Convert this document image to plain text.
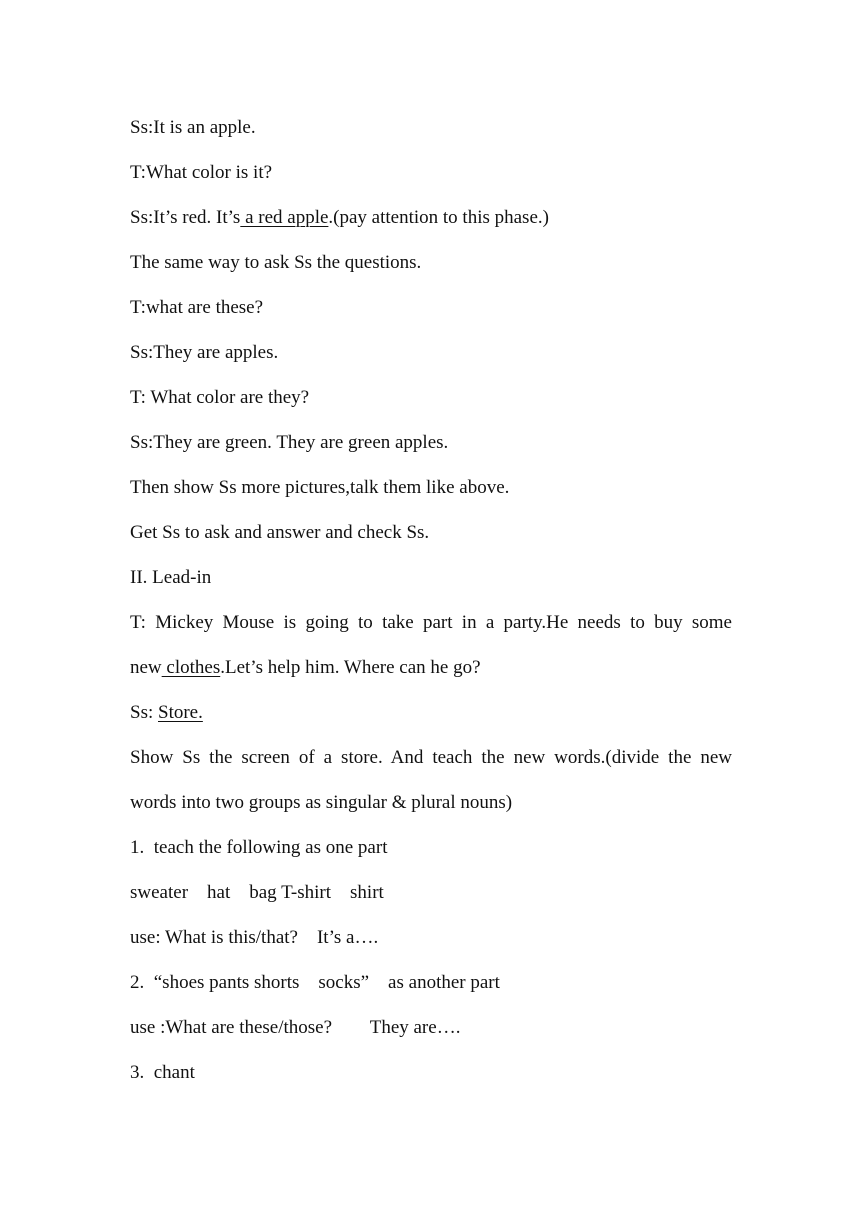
Ss:It is an apple.
T:What color is it?
Ss:It’s red. It’s a red apple.(pay attention to this phase.)
The same way to ask Ss the questions.
T:what are these?
Ss:They are apples.
T: What color are they?
Ss:They are green. They are green apples.
Then show Ss more pictures,talk them like above.
Get Ss to ask and answer and check Ss.
II. Lead-in
T: Mickey Mouse is going to take part in a party.He needs to buy some
new clothes.Let’s help him. Where can he go?
Ss: Store.
Show Ss the screen of a store. And teach the new words.(divide the new
words into two groups as singular & plural nouns)
1.  teach the following as one part
sweater    hat    bag T-shirt    shirt
use: What is this/that?    It’s a….
2.  “shoes pants shorts    socks”    as another part
use :What are these/those?        They are….
3.  chant
